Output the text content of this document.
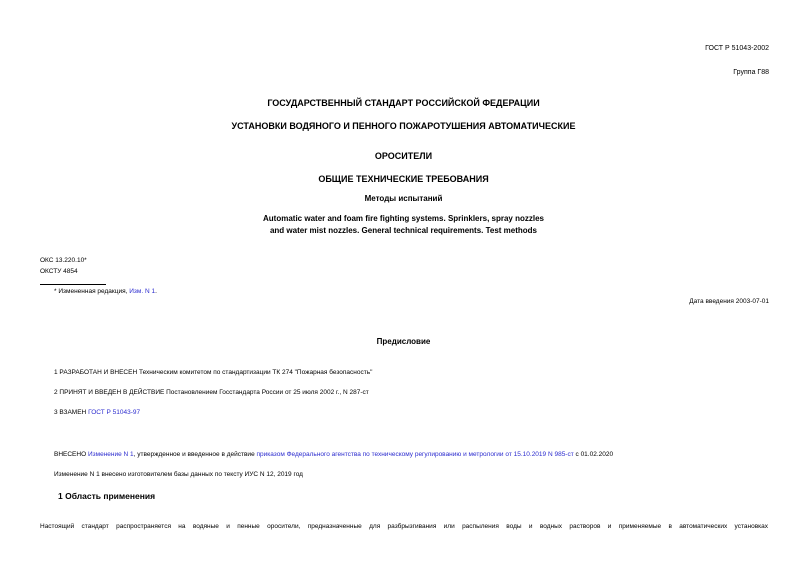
ГОСТ Р 51043-2002
Группа Г88
ГОСУДАРСТВЕННЫЙ СТАНДАРТ РОССИЙСКОЙ ФЕДЕРАЦИИ
УСТАНОВКИ ВОДЯНОГО И ПЕННОГО ПОЖАРОТУШЕНИЯ АВТОМАТИЧЕСКИЕ
ОРОСИТЕЛИ
ОБЩИЕ ТЕХНИЧЕСКИЕ ТРЕБОВАНИЯ
Методы испытаний
Automatic water and foam fire fighting systems. Sprinklers, spray nozzles
and water mist nozzles. General technical requirements. Test methods
ОКС 13.220.10*
ОКСТУ 4854
* Измененная редакция, Изм. N 1.
Дата введения 2003-07-01
Предисловие
1 РАЗРАБОТАН И ВНЕСЕН Техническим комитетом по стандартизации ТК 274 "Пожарная безопасность"
2 ПРИНЯТ И ВВЕДЕН В ДЕЙСТВИЕ Постановлением Госстандарта России от 25 июля 2002 г., N 287-ст
3 ВЗАМЕН ГОСТ Р 51043-97
ВНЕСЕНО Изменение N 1, утвержденное и введенное в действие приказом Федерального агентства по техническому регулированию и метрологии от 15.10.2019 N 985-ст с 01.02.2020
Изменение N 1 внесено изготовителем базы данных по тексту ИУС N 12, 2019 год
1 Область применения
Настоящий стандарт распространяется на водяные и пенные оросители, предназначенные для разбрызгивания или распыления воды и водных растворов и применяемые в автоматических установках
